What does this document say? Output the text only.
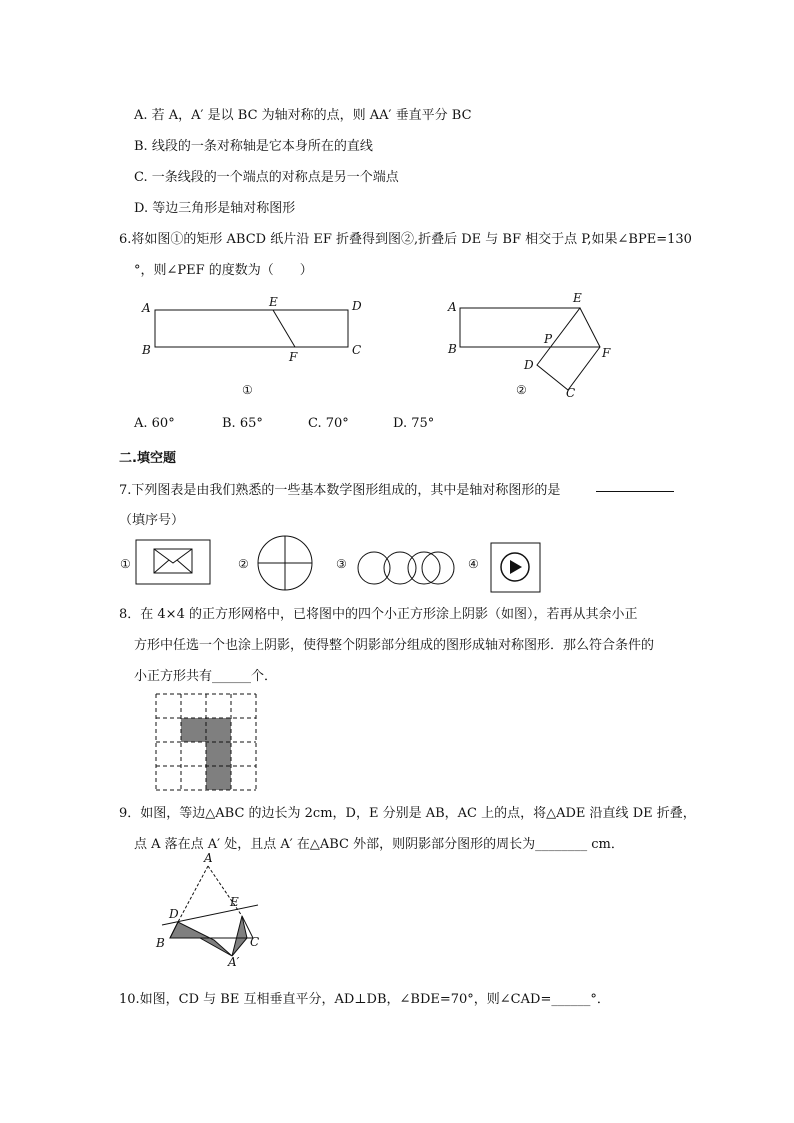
A. 若 A，A′ 是以 BC 为轴对称的点，则 AA′ 垂直平分 BC
B. 线段的一条对称轴是它本身所在的直线
C. 一条线段的一个端点的对称点是另一个端点
D. 等边三角形是轴对称图形
6.将如图①的矩形 ABCD 纸片沿 EF 折叠得到图②,折叠后 DE 与 BF 相交于点 P,如果∠BPE=130
°，则∠PEF 的度数为（　　）
A
B	C
D
E
F
①
A
B
E
P
F
D
C
②
A. 60°	B. 65°	C. 70°	D. 75°
二.填空题
7.下列图表是由我们熟悉的一些基本数学图形组成的，其中是轴对称图形的是
（填序号）
①	②	③	④
8．在 4×4 的正方形网格中，已将图中的四个小正方形涂上阴影（如图），若再从其余小正
方形中任选一个也涂上阴影，使得整个阴影部分组成的图形成轴对称图形．那么符合条件的
小正方形共有______个．
9．如图，等边△ABC 的边长为 2cm，D，E 分别是 AB，AC 上的点，将△ADE 沿直线 DE 折叠，
点 A 落在点 A′ 处，且点 A′ 在△ABC 外部，则阴影部分图形的周长为________ cm．
A
D
E
B	C
A′
10.如图，CD 与 BE 互相垂直平分，AD⊥DB，∠BDE=70°，则∠CAD=______°．
